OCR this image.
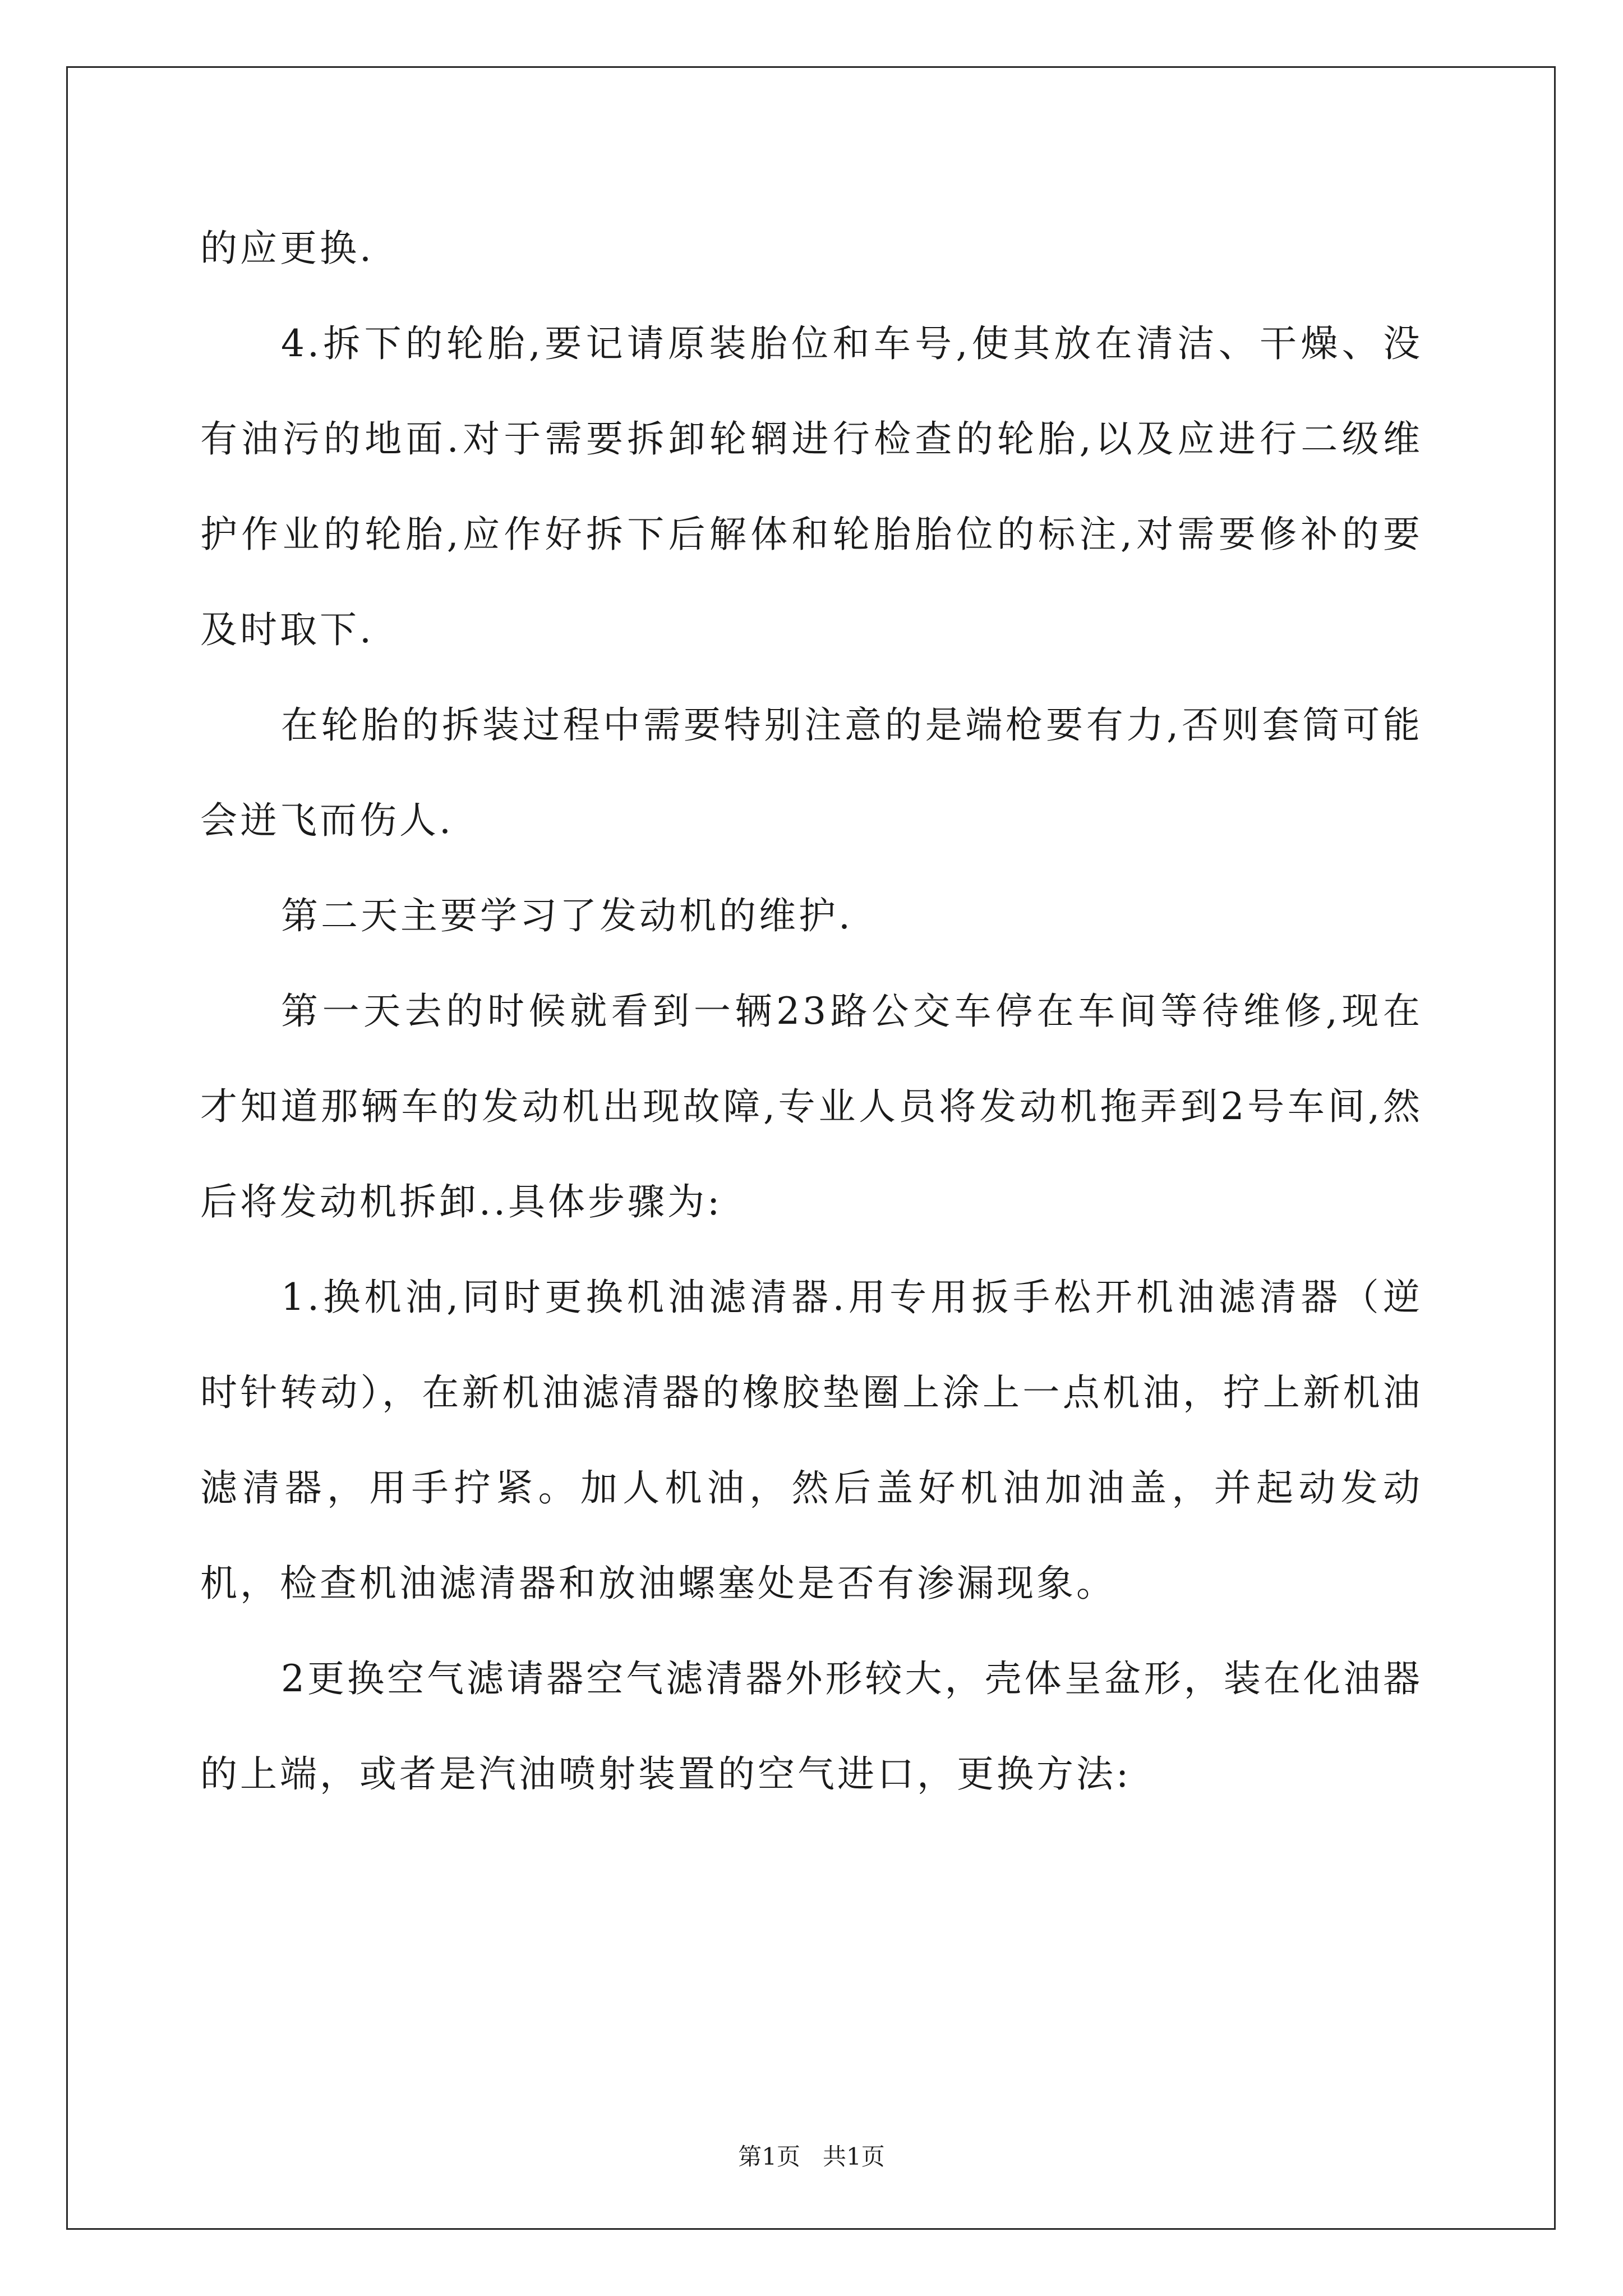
的应更换.

4.拆下的轮胎,要记请原装胎位和车号,使其放在清洁、干燥、没有油污的地面.对于需要拆卸轮辋进行检查的轮胎,以及应进行二级维护作业的轮胎,应作好拆下后解体和轮胎胎位的标注,对需要修补的要及时取下.

在轮胎的拆装过程中需要特别注意的是端枪要有力,否则套筒可能会迸飞而伤人.

第二天主要学习了发动机的维护.

第一天去的时候就看到一辆23路公交车停在车间等待维修,现在才知道那辆车的发动机出现故障,专业人员将发动机拖弄到2号车间,然后将发动机拆卸..具体步骤为:

1.换机油,同时更换机油滤清器.用专用扳手松开机油滤清器（逆时针转动），在新机油滤清器的橡胶垫圈上涂上一点机油，拧上新机油滤清器，用手拧紧。加人机油，然后盖好机油加油盖，并起动发动机，检查机油滤清器和放油螺塞处是否有渗漏现象。

2更换空气滤请器空气滤清器外形较大，壳体呈盆形，装在化油器的上端，或者是汽油喷射装置的空气进口，更换方法:

第1页   共1页
